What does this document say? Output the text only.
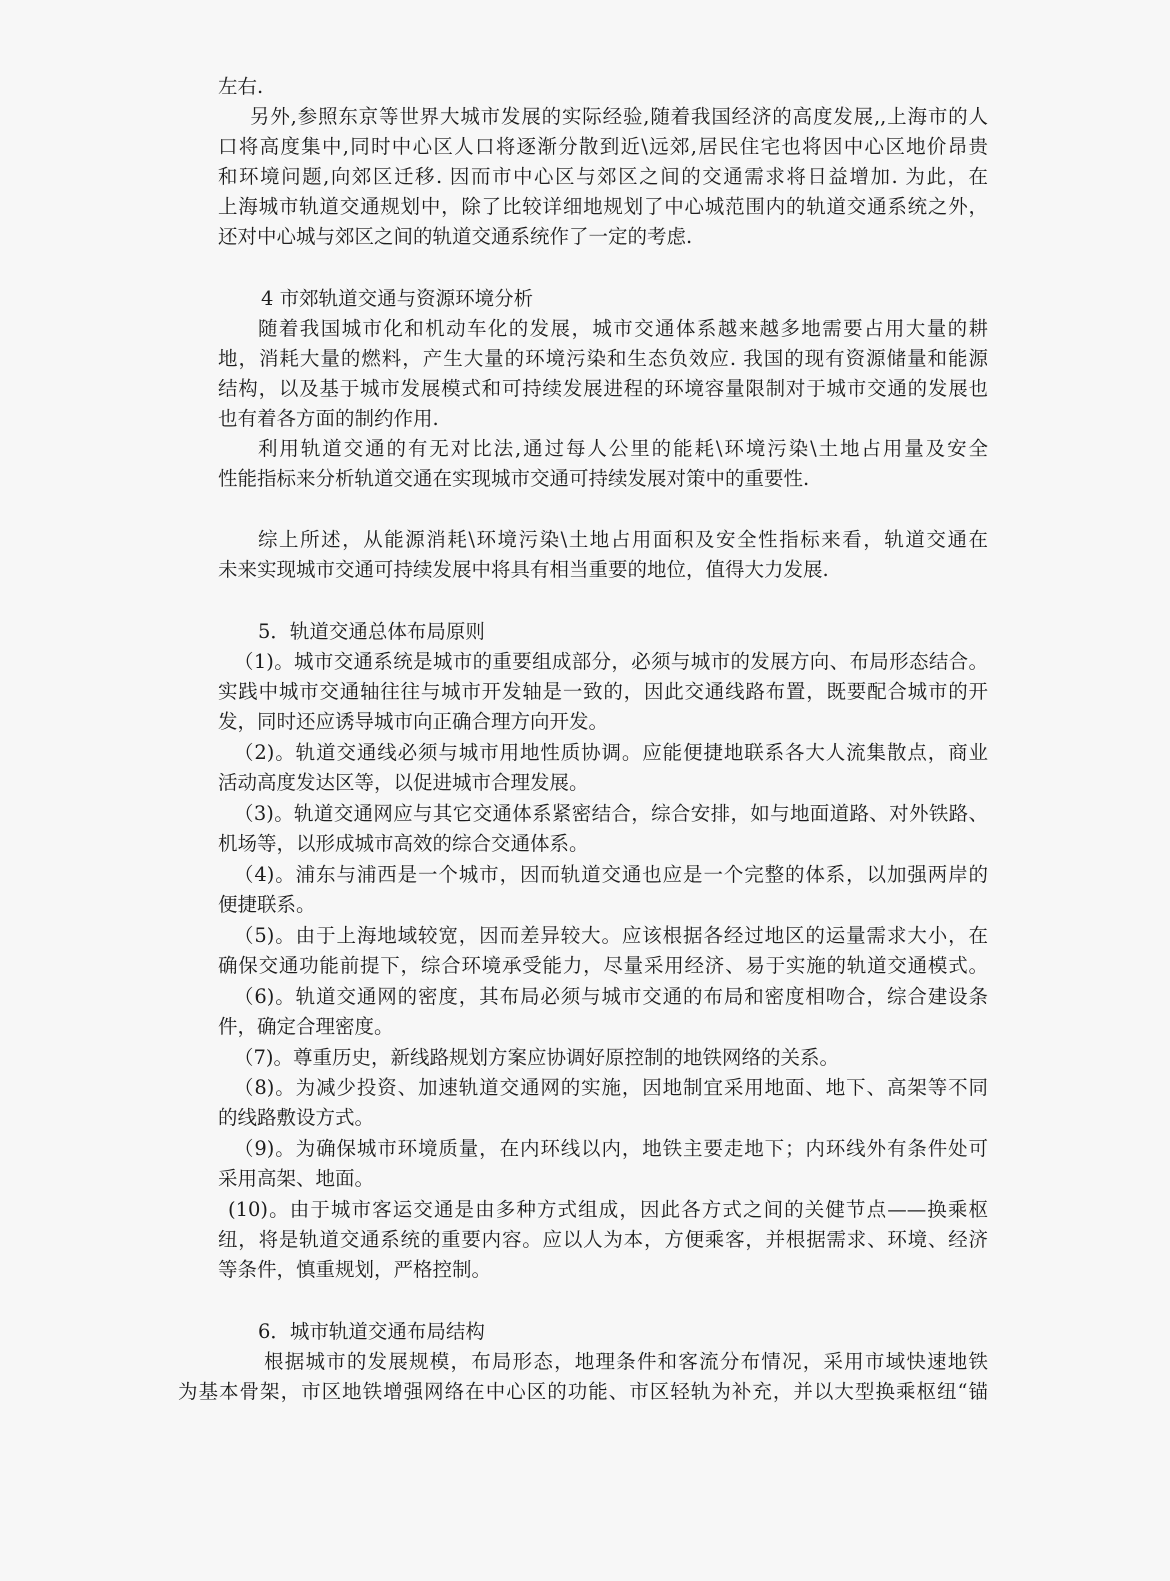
左右.
另外,参照东京等世界大城市发展的实际经验,随着我国经济的高度发展,,上海市的人
口将高度集中,同时中心区人口将逐渐分散到近\远郊,居民住宅也将因中心区地价昂贵
和环境问题,向郊区迁移. 因而市中心区与郊区之间的交通需求将日益增加. 为此，在
上海城市轨道交通规划中，除了比较详细地规划了中心城范围内的轨道交通系统之外，
还对中心城与郊区之间的轨道交通系统作了一定的考虑.
4 市郊轨道交通与资源环境分析
随着我国城市化和机动车化的发展，城市交通体系越来越多地需要占用大量的耕
地，消耗大量的燃料，产生大量的环境污染和生态负效应. 我国的现有资源储量和能源
结构，以及基于城市发展模式和可持续发展进程的环境容量限制对于城市交通的发展也
也有着各方面的制约作用.
利用轨道交通的有无对比法,通过每人公里的能耗\环境污染\土地占用量及安全
性能指标来分析轨道交通在实现城市交通可持续发展对策中的重要性.
综上所述，从能源消耗\环境污染\土地占用面积及安全性指标来看，轨道交通在
未来实现城市交通可持续发展中将具有相当重要的地位，值得大力发展.
5．轨道交通总体布局原则
（1)。城市交通系统是城市的重要组成部分，必须与城市的发展方向、布局形态结合。
实践中城市交通轴往往与城市开发轴是一致的，因此交通线路布置，既要配合城市的开
发，同时还应诱导城市向正确合理方向开发。
（2)。轨道交通线必须与城市用地性质协调。应能便捷地联系各大人流集散点，商业
活动高度发达区等，以促进城市合理发展。
（3)。轨道交通网应与其它交通体系紧密结合，综合安排，如与地面道路、对外铁路、
机场等，以形成城市高效的综合交通体系。
（4)。浦东与浦西是一个城市，因而轨道交通也应是一个完整的体系，以加强两岸的
便捷联系。
（5)。由于上海地域较宽，因而差异较大。应该根据各经过地区的运量需求大小，在
确保交通功能前提下，综合环境承受能力，尽量采用经济、易于实施的轨道交通模式。
（6)。轨道交通网的密度，其布局必须与城市交通的布局和密度相吻合，综合建设条
件，确定合理密度。
（7)。尊重历史，新线路规划方案应协调好原控制的地铁网络的关系。
（8)。为减少投资、加速轨道交通网的实施，因地制宜采用地面、地下、高架等不同
的线路敷设方式。
（9)。为确保城市环境质量，在内环线以内，地铁主要走地下；内环线外有条件处可
采用高架、地面。
(10)。由于城市客运交通是由多种方式组成，因此各方式之间的关健节点——换乘枢
纽，将是轨道交通系统的重要内容。应以人为本，方便乘客，并根据需求、环境、经济
等条件，慎重规划，严格控制。
6．城市轨道交通布局结构
根据城市的发展规模，布局形态，地理条件和客流分布情况，采用市域快速地铁
为基本骨架，市区地铁增强网络在中心区的功能、市区轻轨为补充，并以大型换乘枢纽“锚
